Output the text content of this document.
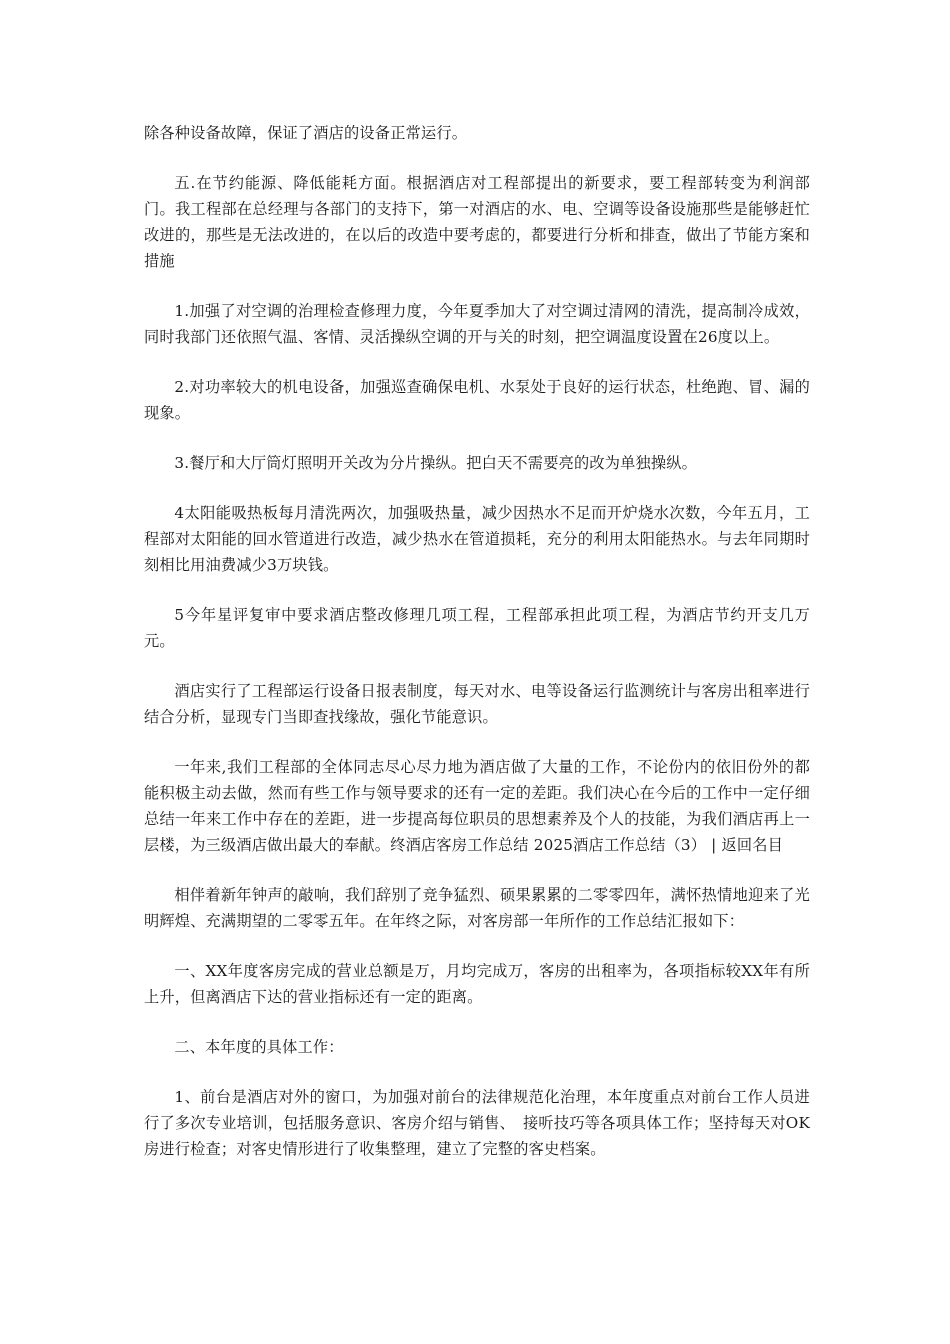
除各种设备故障，保证了酒店的设备正常运行。

五.在节约能源、降低能耗方面。根据酒店对工程部提出的新要求，要工程部转变为利润部门。我工程部在总经理与各部门的支持下，第一对酒店的水、电、空调等设备设施那些是能够赶忙改进的，那些是无法改进的，在以后的改造中要考虑的，都要进行分析和排查，做出了节能方案和措施

1.加强了对空调的治理检查修理力度，今年夏季加大了对空调过清网的清洗，提高制冷成效，同时我部门还依照气温、客情、灵活操纵空调的开与关的时刻，把空调温度设置在26度以上。

2.对功率较大的机电设备，加强巡查确保电机、水泵处于良好的运行状态，杜绝跑、冒、漏的现象。

3.餐厅和大厅筒灯照明开关改为分片操纵。把白天不需要亮的改为单独操纵。

4太阳能吸热板每月清洗两次，加强吸热量，减少因热水不足而开炉烧水次数，今年五月，工程部对太阳能的回水管道进行改造，减少热水在管道损耗，充分的利用太阳能热水。与去年同期时刻相比用油费减少3万块钱。

5今年星评复审中要求酒店整改修理几项工程，工程部承担此项工程，为酒店节约开支几万元。

酒店实行了工程部运行设备日报表制度，每天对水、电等设备运行监测统计与客房出租率进行结合分析，显现专门当即查找缘故，强化节能意识。

一年来,我们工程部的全体同志尽心尽力地为酒店做了大量的工作，不论份内的依旧份外的都能积极主动去做，然而有些工作与领导要求的还有一定的差距。我们决心在今后的工作中一定仔细总结一年来工作中存在的差距，进一步提高每位职员的思想素养及个人的技能，为我们酒店再上一层楼，为三级酒店做出最大的奉献。终酒店客房工作总结 2025酒店工作总结（3） | 返回名目

相伴着新年钟声的敲响，我们辞别了竞争猛烈、硕果累累的二零零四年，满怀热情地迎来了光明辉煌、充满期望的二零零五年。在年终之际，对客房部一年所作的工作总结汇报如下：

一、XX年度客房完成的营业总额是万，月均完成万，客房的出租率为，各项指标较XX年有所上升，但离酒店下达的营业指标还有一定的距离。

二、本年度的具体工作：

1、前台是酒店对外的窗口，为加强对前台的法律规范化治理，本年度重点对前台工作人员进行了多次专业培训，包括服务意识、客房介绍与销售、　接听技巧等各项具体工作；坚持每天对OK房进行检查；对客史情形进行了收集整理，建立了完整的客史档案。
